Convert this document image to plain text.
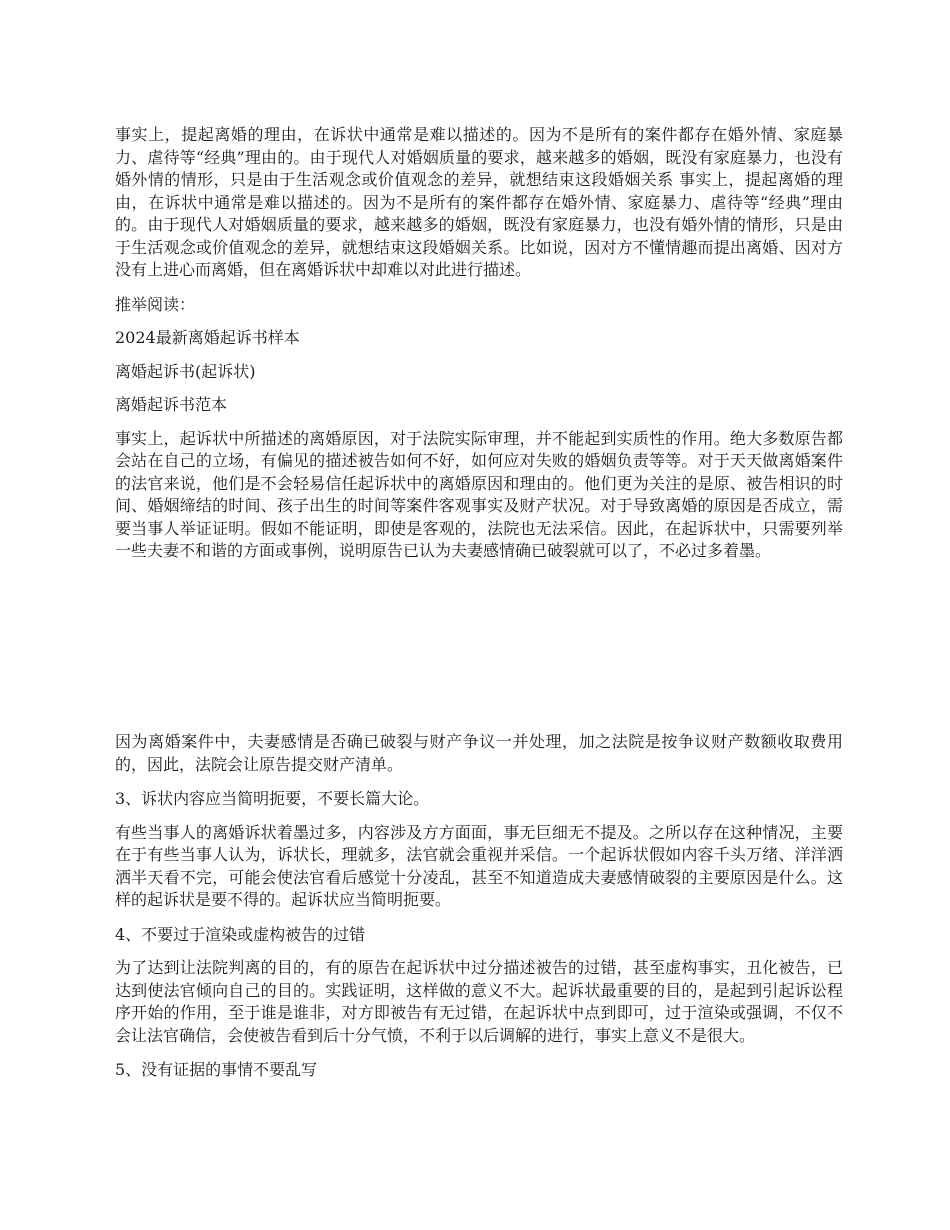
事实上，提起离婚的理由，在诉状中通常是难以描述的。因为不是所有的案件都存在婚外情、家庭暴力、虐待等“经典”理由的。由于现代人对婚姻质量的要求，越来越多的婚姻，既没有家庭暴力，也没有婚外情的情形，只是由于生活观念或价值观念的差异，就想结束这段婚姻关系 事实上，提起离婚的理由，在诉状中通常是难以描述的。因为不是所有的案件都存在婚外情、家庭暴力、虐待等“经典”理由的。由于现代人对婚姻质量的要求，越来越多的婚姻，既没有家庭暴力，也没有婚外情的情形，只是由于生活观念或价值观念的差异，就想结束这段婚姻关系。比如说，因对方不懂情趣而提出离婚、因对方没有上进心而离婚，但在离婚诉状中却难以对此进行描述。

推举阅读：

2024最新离婚起诉书样本

离婚起诉书(起诉状)

离婚起诉书范本

事实上，起诉状中所描述的离婚原因，对于法院实际审理，并不能起到实质性的作用。绝大多数原告都会站在自己的立场，有偏见的描述被告如何不好，如何应对失败的婚姻负责等等。对于天天做离婚案件的法官来说，他们是不会轻易信任起诉状中的离婚原因和理由的。他们更为关注的是原、被告相识的时间、婚姻缔结的时间、孩子出生的时间等案件客观事实及财产状况。对于导致离婚的原因是否成立，需要当事人举证证明。假如不能证明，即使是客观的，法院也无法采信。因此，在起诉状中，只需要列举一些夫妻不和谐的方面或事例，说明原告已认为夫妻感情确已破裂就可以了，不必过多着墨。

因为离婚案件中，夫妻感情是否确已破裂与财产争议一并处理，加之法院是按争议财产数额收取费用的，因此，法院会让原告提交财产清单。

3、诉状内容应当简明扼要，不要长篇大论。

有些当事人的离婚诉状着墨过多，内容涉及方方面面，事无巨细无不提及。之所以存在这种情况，主要在于有些当事人认为，诉状长，理就多，法官就会重视并采信。一个起诉状假如内容千头万绪、洋洋洒洒半天看不完，可能会使法官看后感觉十分凌乱，甚至不知道造成夫妻感情破裂的主要原因是什么。这样的起诉状是要不得的。起诉状应当简明扼要。

4、不要过于渲染或虚构被告的过错

为了达到让法院判离的目的，有的原告在起诉状中过分描述被告的过错，甚至虚构事实，丑化被告，已达到使法官倾向自己的目的。实践证明，这样做的意义不大。起诉状最重要的目的，是起到引起诉讼程序开始的作用，至于谁是谁非，对方即被告有无过错，在起诉状中点到即可，过于渲染或强调，不仅不会让法官确信，会使被告看到后十分气愤，不利于以后调解的进行，事实上意义不是很大。

5、没有证据的事情不要乱写
